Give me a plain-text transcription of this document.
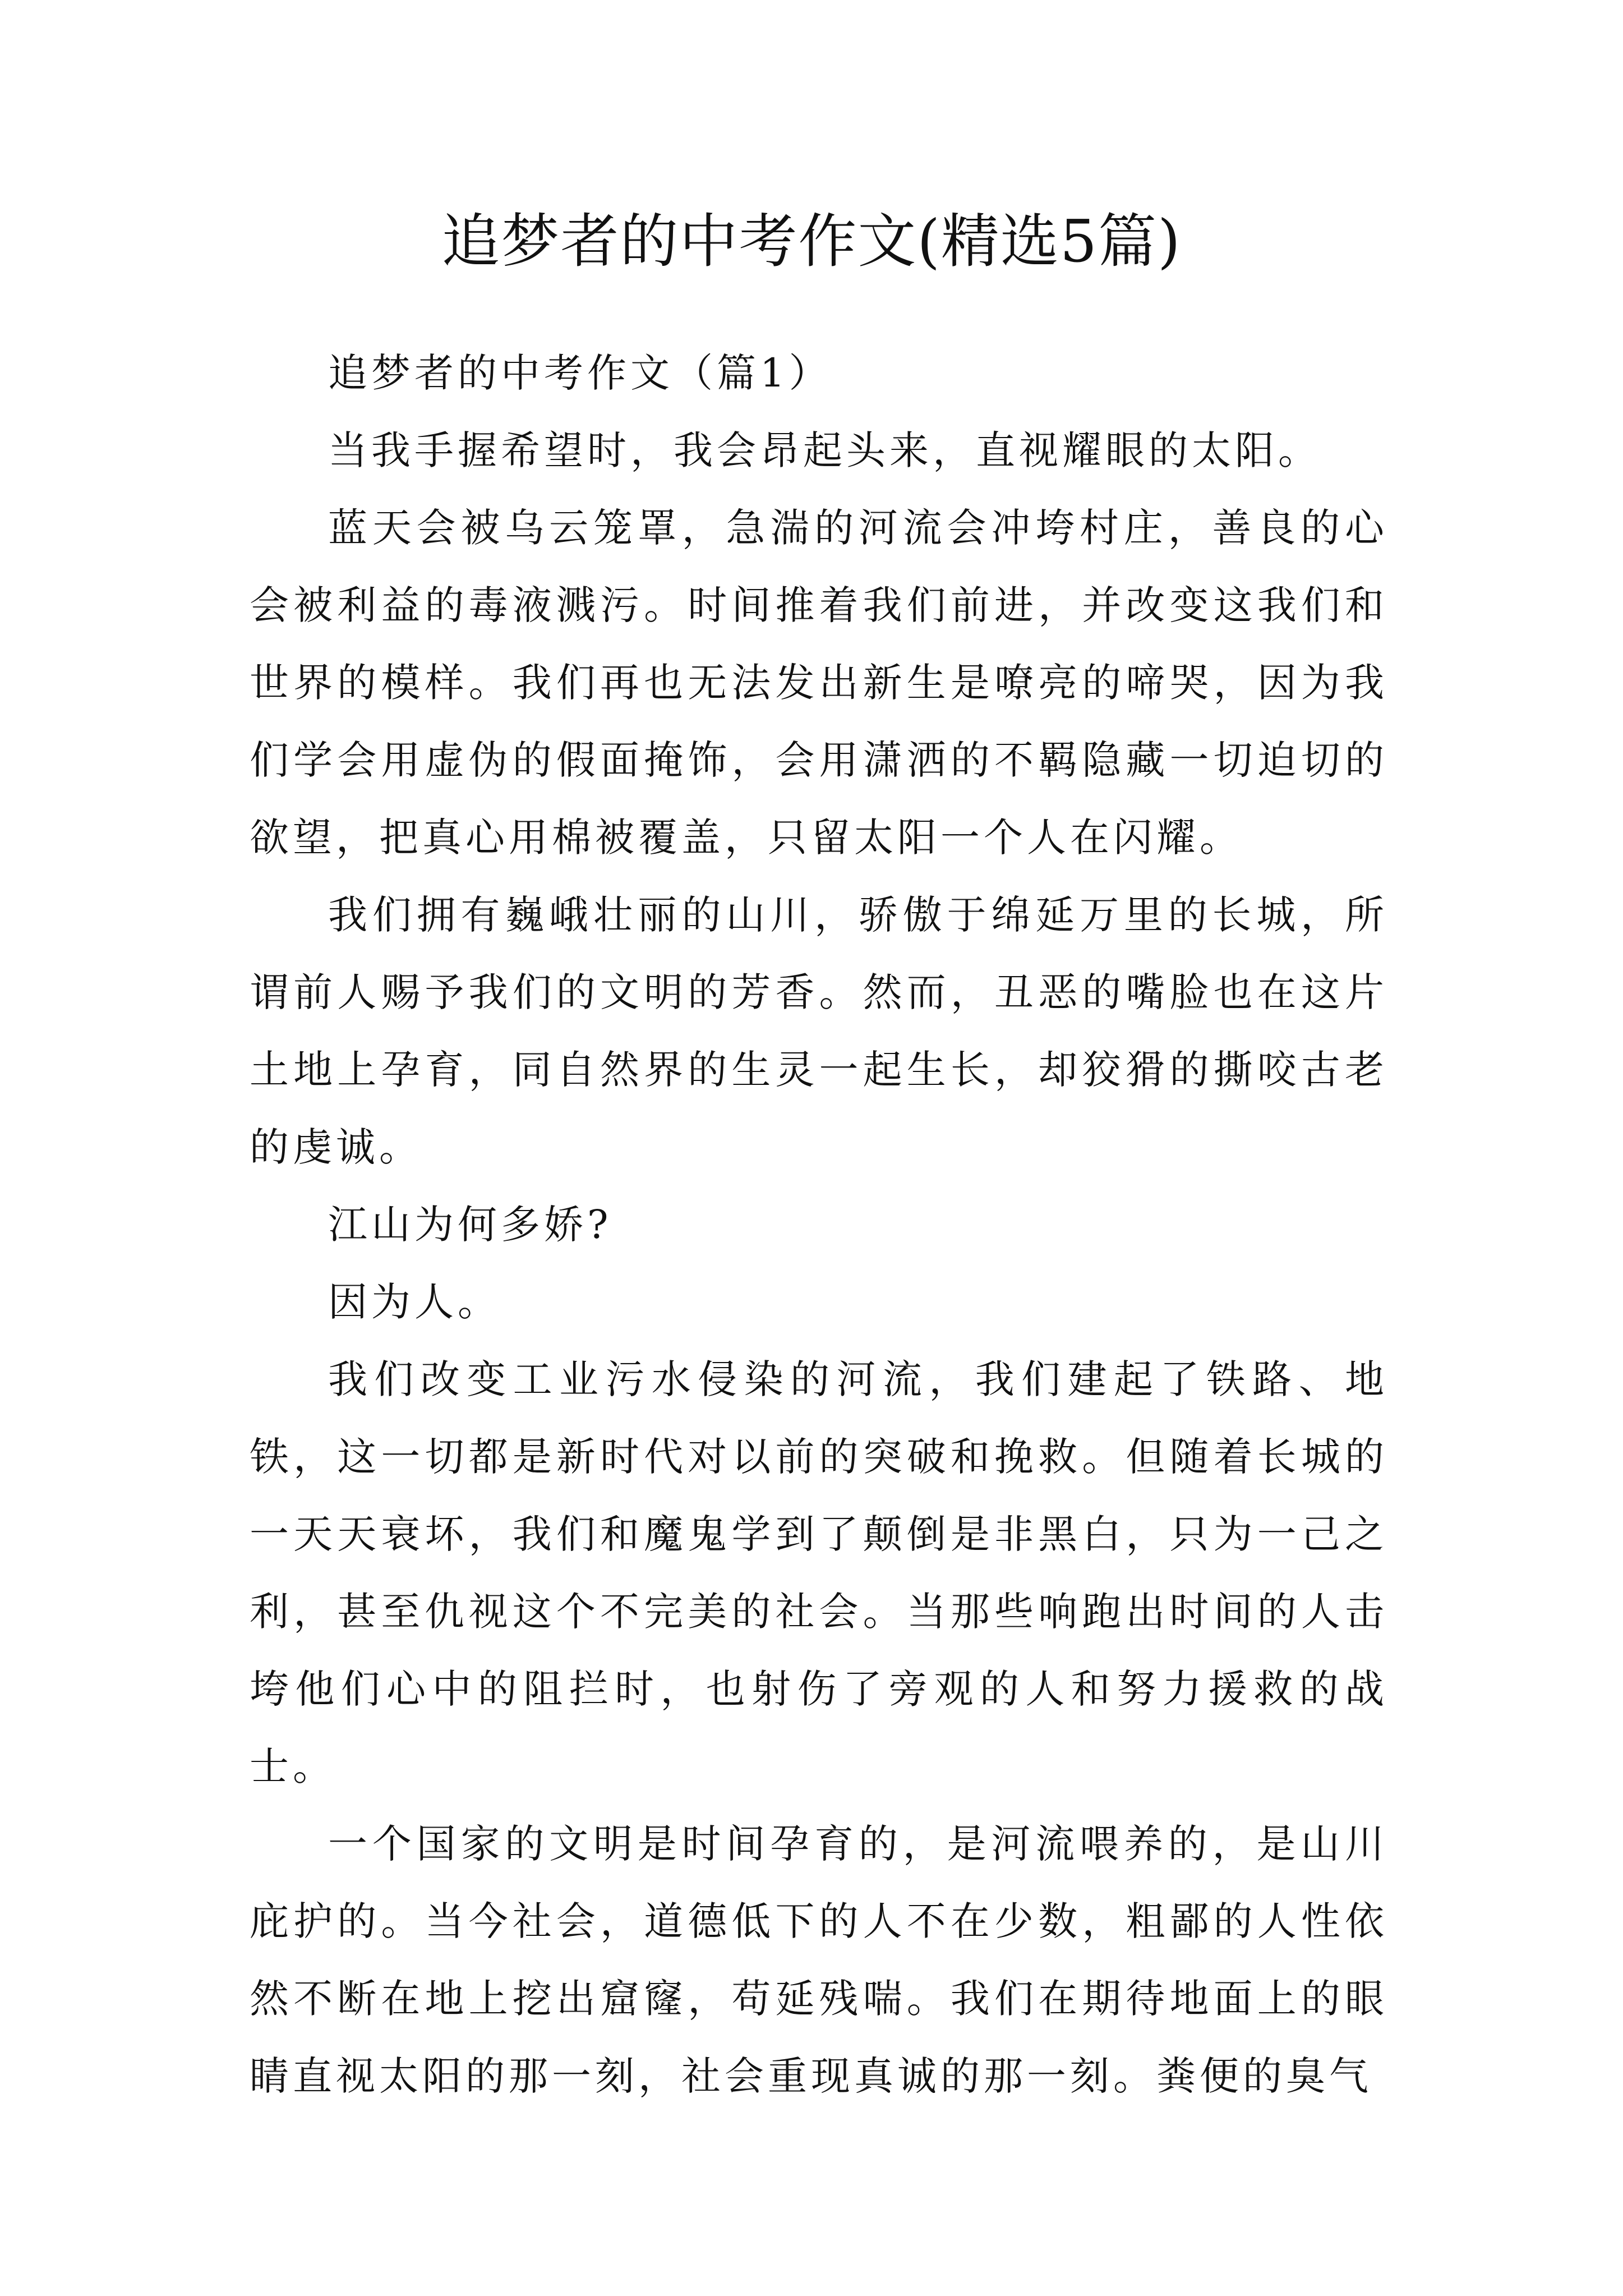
追梦者的中考作文(精选5篇)

追梦者的中考作文（篇1）

当我手握希望时，我会昂起头来，直视耀眼的太阳。

蓝天会被乌云笼罩，急湍的河流会冲垮村庄，善良的心会被利益的毒液溅污。时间推着我们前进，并改变这我们和世界的模样。我们再也无法发出新生是嘹亮的啼哭，因为我们学会用虚伪的假面掩饰，会用潇洒的不羁隐藏一切迫切的欲望，把真心用棉被覆盖，只留太阳一个人在闪耀。

我们拥有巍峨壮丽的山川，骄傲于绵延万里的长城，所谓前人赐予我们的文明的芳香。然而，丑恶的嘴脸也在这片土地上孕育，同自然界的生灵一起生长，却狡猾的撕咬古老的虔诚。

江山为何多娇?

因为人。

我们改变工业污水侵染的河流，我们建起了铁路、地铁，这一切都是新时代对以前的突破和挽救。但随着长城的一天天衰坏，我们和魔鬼学到了颠倒是非黑白，只为一己之利，甚至仇视这个不完美的社会。当那些响跑出时间的人击垮他们心中的阻拦时，也射伤了旁观的人和努力援救的战士。

一个国家的文明是时间孕育的，是河流喂养的，是山川庇护的。当今社会，道德低下的人不在少数，粗鄙的人性依然不断在地上挖出窟窿，苟延残喘。我们在期待地面上的眼睛直视太阳的那一刻，社会重现真诚的那一刻。粪便的臭气
